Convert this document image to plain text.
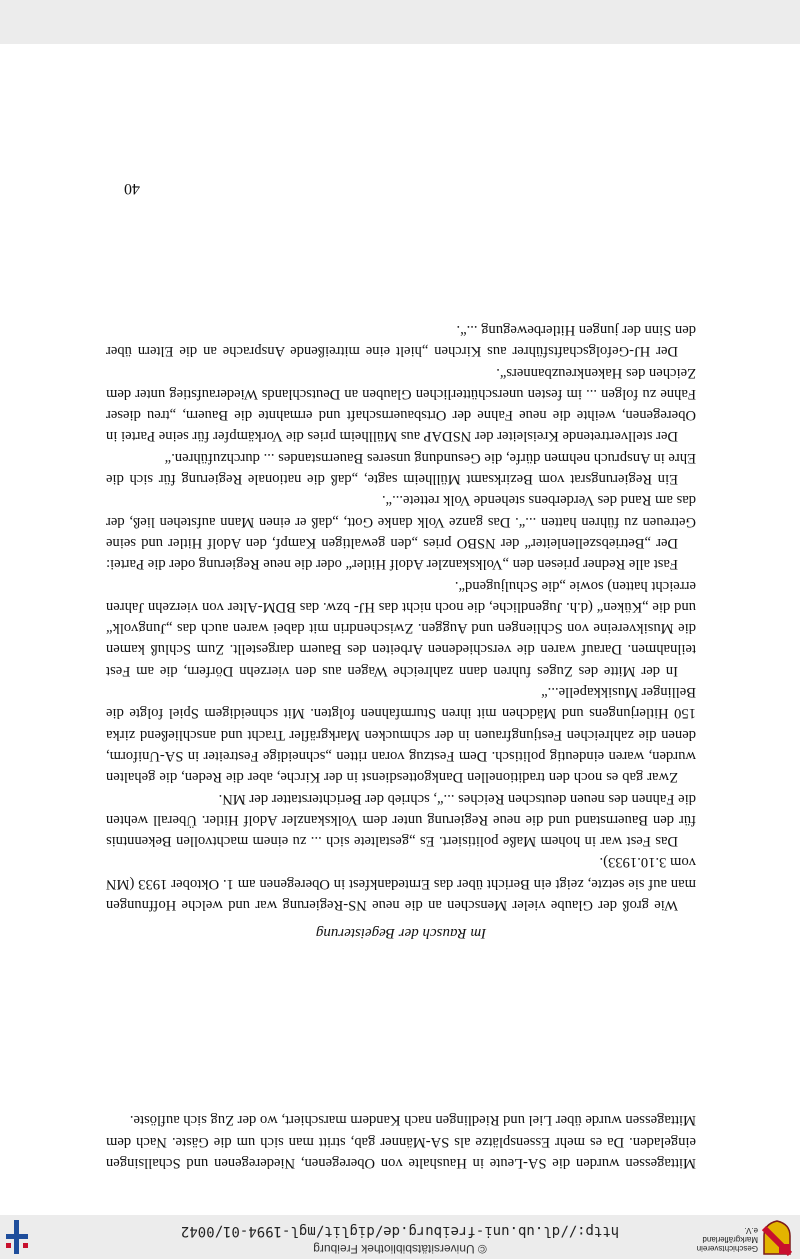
Geschichtsverein
Markgräflerland e.V.
© Universitätsbibliothek Freiburg
http://dl.ub.uni-freiburg.de/diglit/mgl-1994-01/0042

Mittagessen wurden die SA-Leute in Haushalte von Oberegenen, Niederegenen und Schallsingen eingeladen. Da es mehr Essensplätze als SA-Männer gab, stritt man sich um die Gäste. Nach dem Mittagessen wurde über Liel und Riedlingen nach Kandern marschiert, wo der Zug sich auflöste.

Im Rausch der Begeisterung

Wie groß der Glaube vieler Menschen an die neue NS-Regierung war und welche Hoffnungen man auf sie setzte, zeigt ein Bericht über das Erntedankfest in Oberegenen am 1. Oktober 1933 (MN vom 3.10.1933).

Das Fest war in hohem Maße politisiert. Es „gestaltete sich ... zu einem machtvollen Bekenntnis für den Bauernstand und die neue Regierung unter dem Volkskanzler Adolf Hitler. Überall wehten die Fahnen des neuen deutschen Reiches ...“, schrieb der Berichterstatter der MN.

Zwar gab es noch den traditionellen Dankgottesdienst in der Kirche, aber die Reden, die gehalten wurden, waren eindeutig politisch. Dem Festzug voran ritten „schneidige Festreiter in SA-Uniform, denen die zahlreichen Festjungfrauen in der schmucken Markgräfler Tracht und anschließend zirka 150 Hitlerjungens und Mädchen mit ihren Sturmfahnen folgten. Mit schneidigem Spiel folgte die Bellinger Musikkapelle...“

In der Mitte des Zuges fuhren dann zahlreiche Wagen aus den vierzehn Dörfern, die am Fest teilnahmen. Darauf waren die verschiedenen Arbeiten des Bauern dargestellt. Zum Schluß kamen die Musikvereine von Schliengen und Auggen. Zwischendrin mit dabei waren auch das „Jungvolk“ und die „Küken“ (d.h. Jugendliche, die noch nicht das HJ- bzw. das BDM-Alter von vierzehn Jahren erreicht hatten) sowie „die Schuljugend“.

Fast alle Redner priesen den „Volkskanzler Adolf Hitler“ oder die neue Regierung oder die Partei:

Der „Betriebszellenleiter“ der NSBO pries „den gewaltigen Kampf, den Adolf Hitler und seine Getreuen zu führen hatten ...“. Das ganze Volk danke Gott, „daß er einen Mann aufstehen ließ, der das am Rand des Verderbens stehende Volk rettete...“.

Ein Regierungsrat vom Bezirksamt Müllheim sagte, „daß die nationale Regierung für sich die Ehre in Anspruch nehmen dürfe, die Gesundung unseres Bauernstandes ... durchzuführen.“

Der stellvertretende Kreisleiter der NSDAP aus Müllheim pries die Vorkämpfer für seine Partei in Oberegenen, weihte die neue Fahne der Ortsbauernschaft und ermahnte die Bauern, „treu dieser Fahne zu folgen ... im festen unerschütterlichen Glauben an Deutschlands Wiederaufstieg unter dem Zeichen des Hakenkreuzbanners“.

Der HJ-Gefolgschaftsführer aus Kirchen „hielt eine mitreißende Ansprache an die Eltern über den Sinn der jungen Hitlerbewegung ...“.

40
